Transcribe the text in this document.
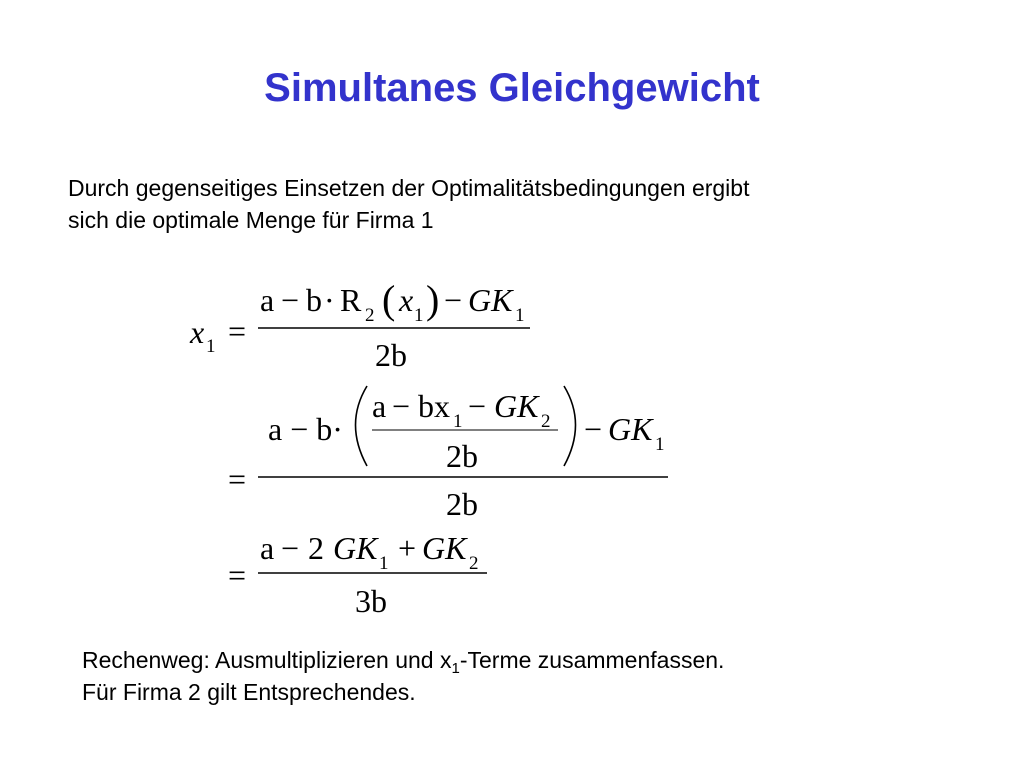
Simultanes Gleichgewicht
Durch gegenseitiges Einsetzen der Optimalitätsbedingungen ergibt
sich die optimale Menge für Firma 1
x 1 =
a − b · R 2 ( x 1 ) − GK 1
2b
a − b·
a − bx 1 − GK 2
2b
− GK 1
=
2b
a − 2 GK 1 + GK 2
=
3b
Rechenweg: Ausmultiplizieren und $x_1$-Terme zusammenfassen.
Für Firma 2 gilt Entsprechendes.
